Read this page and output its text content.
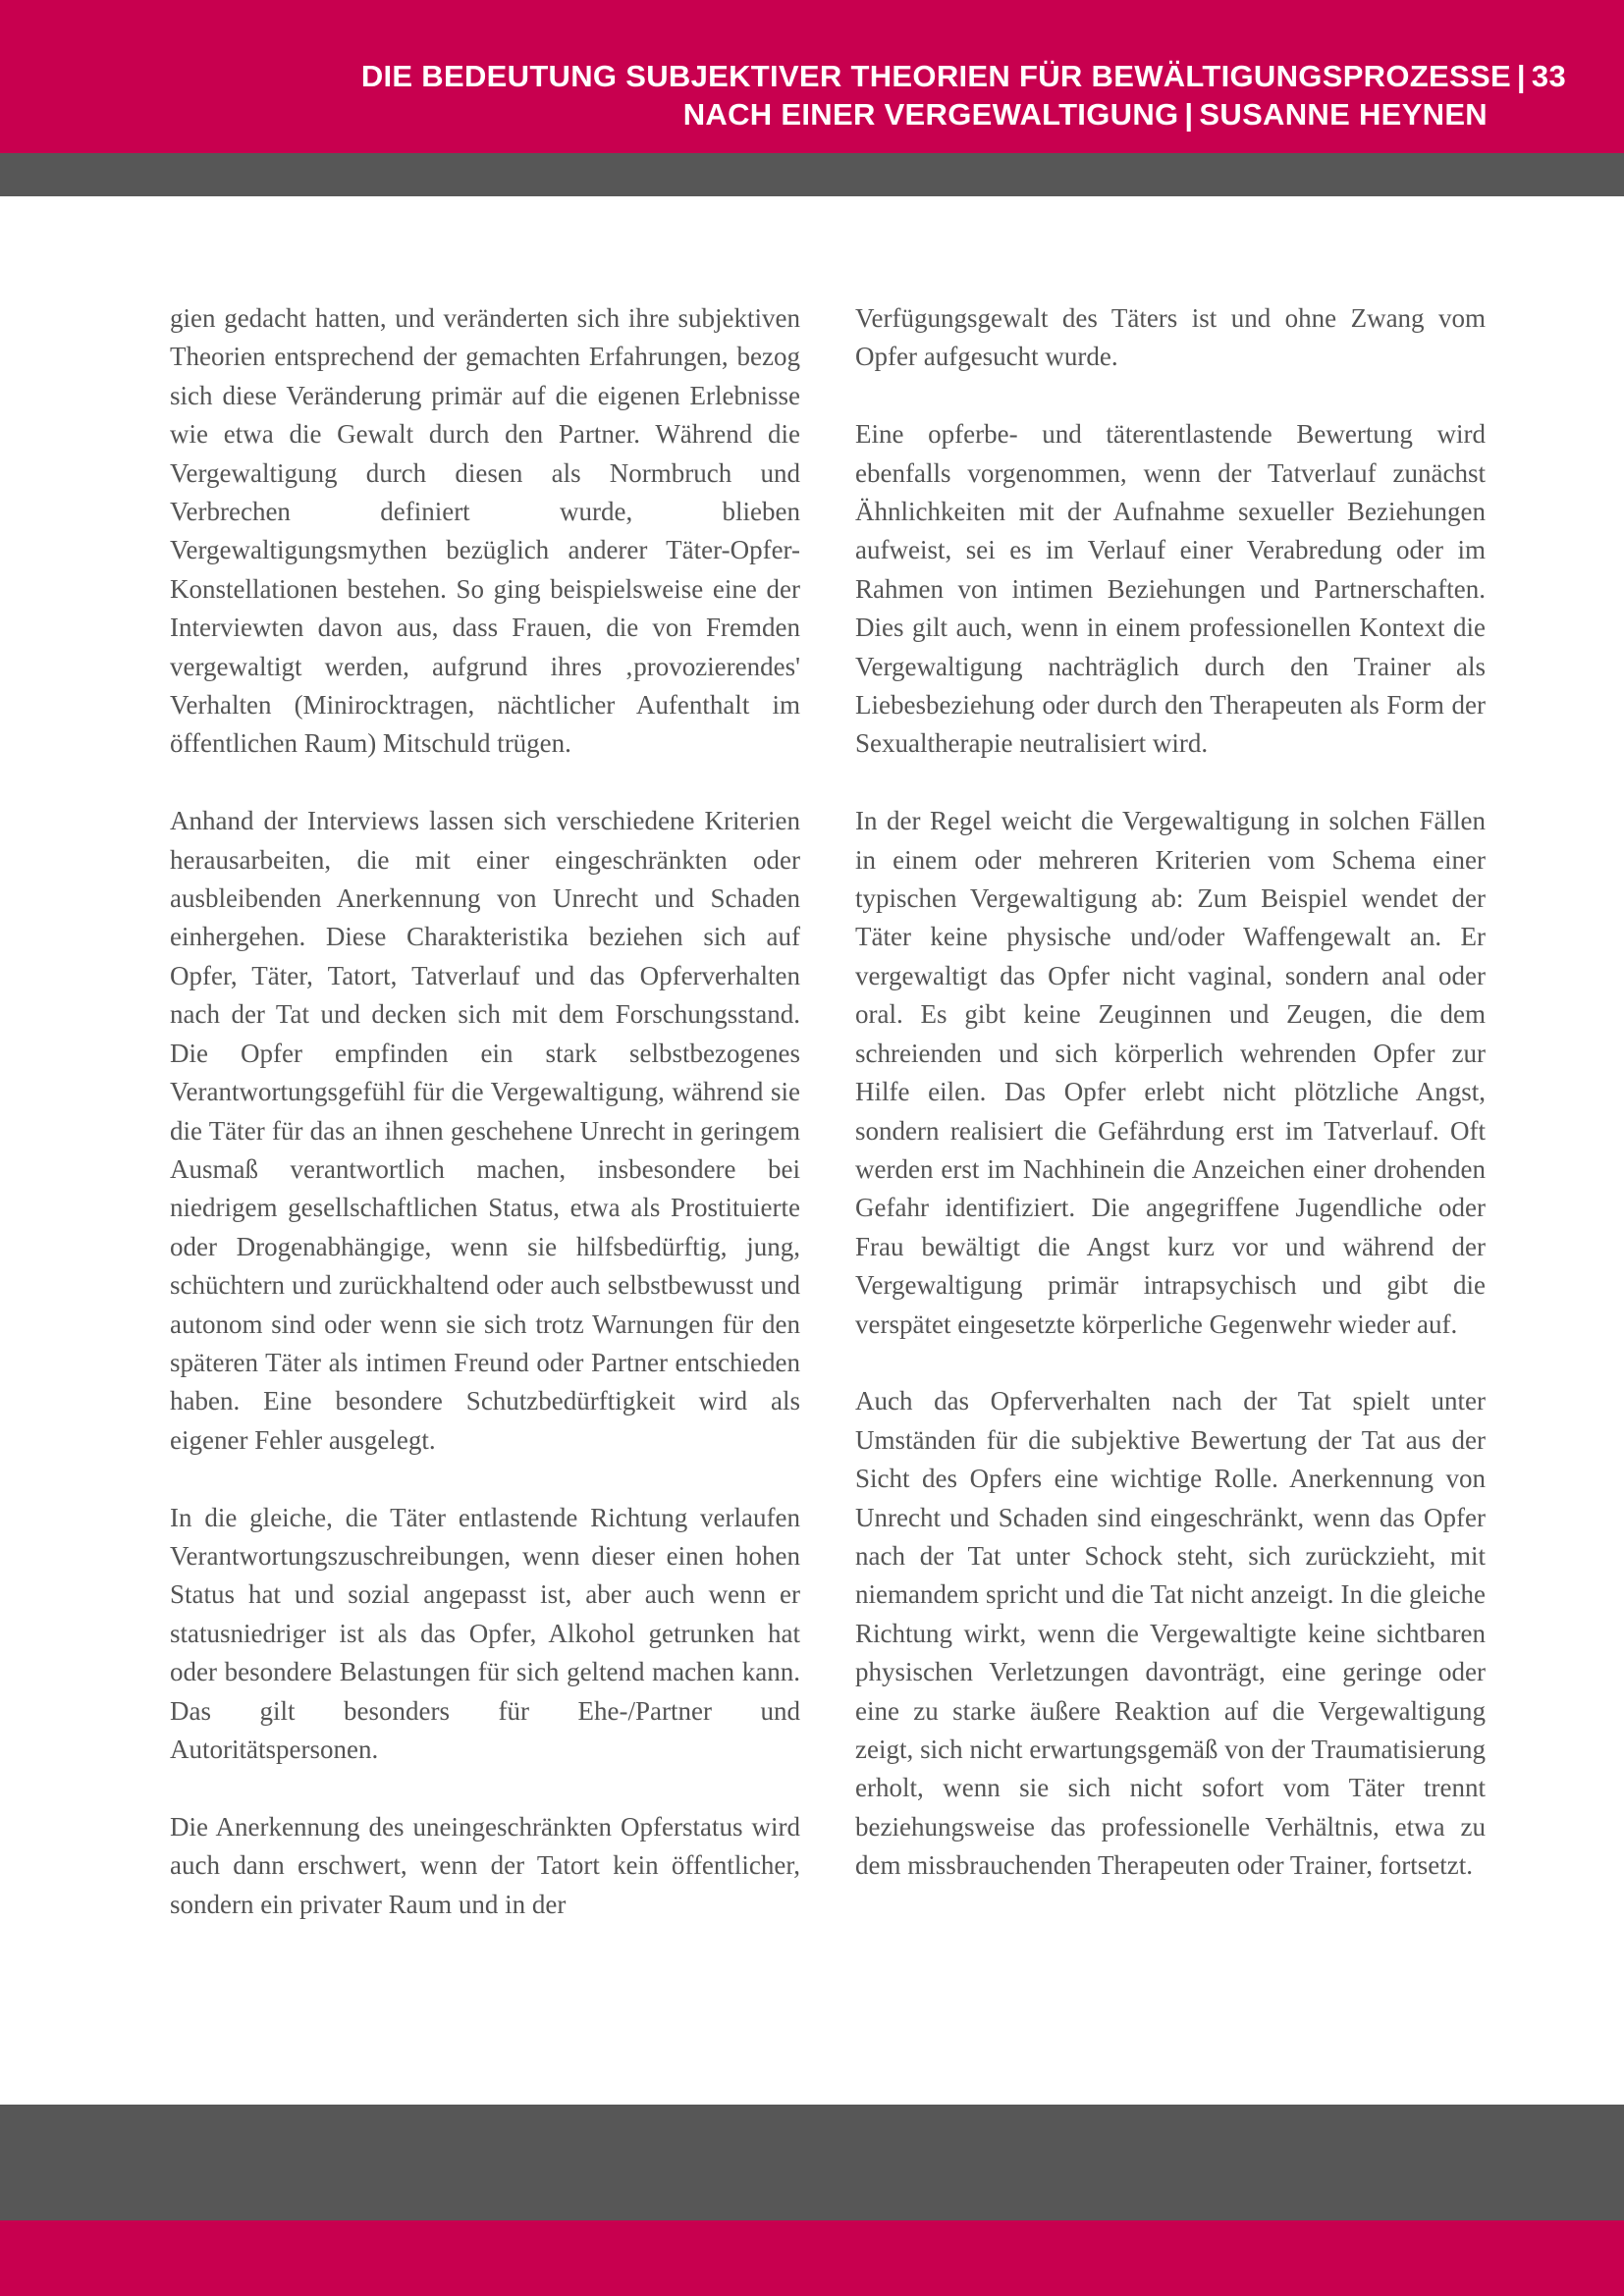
DIE BEDEUTUNG SUBJEKTIVER THEORIEN FÜR BEWÄLTIGUNGSPROZESSE | 33
NACH EINER VERGEWALTIGUNG | SUSANNE HEYNEN

gien gedacht hatten, und veränderten sich ihre subjektiven Theorien entsprechend der gemachten Erfahrungen, bezog sich diese Veränderung primär auf die eigenen Erlebnisse wie etwa die Gewalt durch den Partner. Während die Vergewaltigung durch diesen als Normbruch und Verbrechen definiert wurde, blieben Vergewaltigungsmythen bezüglich anderer Täter-Opfer-Konstellationen bestehen. So ging beispielsweise eine der Interviewten davon aus, dass Frauen, die von Fremden vergewaltigt werden, aufgrund ihres ‚provozierendes' Verhalten (Minirocktragen, nächtlicher Aufenthalt im öffentlichen Raum) Mitschuld trügen.

Anhand der Interviews lassen sich verschiedene Kriterien herausarbeiten, die mit einer eingeschränkten oder ausbleibenden Anerkennung von Unrecht und Schaden einhergehen. Diese Charakteristika beziehen sich auf Opfer, Täter, Tatort, Tatverlauf und das Opferverhalten nach der Tat und decken sich mit dem Forschungsstand. Die Opfer empfinden ein stark selbstbezogenes Verantwortungsgefühl für die Vergewaltigung, während sie die Täter für das an ihnen geschehene Unrecht in geringem Ausmaß verantwortlich machen, insbesondere bei niedrigem gesellschaftlichen Status, etwa als Prostituierte oder Drogenabhängige, wenn sie hilfsbedürftig, jung, schüchtern und zurückhaltend oder auch selbstbewusst und autonom sind oder wenn sie sich trotz Warnungen für den späteren Täter als intimen Freund oder Partner entschieden haben. Eine besondere Schutzbedürftigkeit wird als eigener Fehler ausgelegt.

In die gleiche, die Täter entlastende Richtung verlaufen Verantwortungszuschreibungen, wenn dieser einen hohen Status hat und sozial angepasst ist, aber auch wenn er statusniedriger ist als das Opfer, Alkohol getrunken hat oder besondere Belastungen für sich geltend machen kann. Das gilt besonders für Ehe-/Partner und Autoritätspersonen.

Die Anerkennung des uneingeschränkten Opferstatus wird auch dann erschwert, wenn der Tatort kein öffentlicher, sondern ein privater Raum und in der

Verfügungsgewalt des Täters ist und ohne Zwang vom Opfer aufgesucht wurde.

Eine opferbe- und täterentlastende Bewertung wird ebenfalls vorgenommen, wenn der Tatverlauf zunächst Ähnlichkeiten mit der Aufnahme sexueller Beziehungen aufweist, sei es im Verlauf einer Verabredung oder im Rahmen von intimen Beziehungen und Partnerschaften. Dies gilt auch, wenn in einem professionellen Kontext die Vergewaltigung nachträglich durch den Trainer als Liebesbeziehung oder durch den Therapeuten als Form der Sexualtherapie neutralisiert wird.

In der Regel weicht die Vergewaltigung in solchen Fällen in einem oder mehreren Kriterien vom Schema einer typischen Vergewaltigung ab: Zum Beispiel wendet der Täter keine physische und/oder Waffengewalt an. Er vergewaltigt das Opfer nicht vaginal, sondern anal oder oral. Es gibt keine Zeuginnen und Zeugen, die dem schreienden und sich körperlich wehrenden Opfer zur Hilfe eilen. Das Opfer erlebt nicht plötzliche Angst, sondern realisiert die Gefährdung erst im Tatverlauf. Oft werden erst im Nachhinein die Anzeichen einer drohenden Gefahr identifiziert. Die angegriffene Jugendliche oder Frau bewältigt die Angst kurz vor und während der Vergewaltigung primär intrapsychisch und gibt die verspätet eingesetzte körperliche Gegenwehr wieder auf.

Auch das Opferverhalten nach der Tat spielt unter Umständen für die subjektive Bewertung der Tat aus der Sicht des Opfers eine wichtige Rolle. Anerkennung von Unrecht und Schaden sind eingeschränkt, wenn das Opfer nach der Tat unter Schock steht, sich zurückzieht, mit niemandem spricht und die Tat nicht anzeigt. In die gleiche Richtung wirkt, wenn die Vergewaltigte keine sichtbaren physischen Verletzungen davonträgt, eine geringe oder eine zu starke äußere Reaktion auf die Vergewaltigung zeigt, sich nicht erwartungsgemäß von der Traumatisierung erholt, wenn sie sich nicht sofort vom Täter trennt beziehungsweise das professionelle Verhältnis, etwa zu dem missbrauchenden Therapeuten oder Trainer, fortsetzt.
